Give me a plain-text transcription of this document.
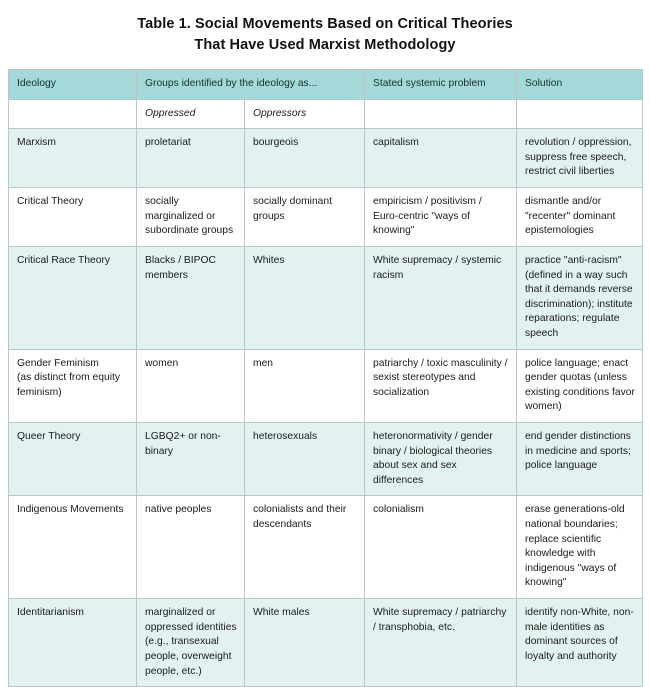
Table 1. Social Movements Based on Critical Theories
That Have Used Marxist Methodology
Ideology	Groups identified by the ideology as...		Stated systemic problem	Solution
	Oppressed	Oppressors		
Marxism	proletariat	bourgeois	capitalism	revolution / oppression, suppress free speech, restrict civil liberties
Critical Theory	socially marginalized or subordinate groups	socially dominant groups	empiricism / positivism / Euro-centric "ways of knowing"	dismantle and/or "recenter" dominant epistemologies
Critical Race Theory	Blacks / BIPOC members	Whites	White supremacy / systemic racism	practice "anti-racism" (defined in a way such that it demands reverse discrimination); institute reparations; regulate speech
Gender Feminism
(as distinct from equity feminism)	women	men	patriarchy / toxic masculinity / sexist stereotypes and socialization	police language; enact gender quotas (unless existing conditions favor women)
Queer Theory	LGBQ2+ or non-binary	heterosexuals	heteronormativity / gender binary / biological theories about sex and sex differences	end gender distinctions in medicine and sports; police language
Indigenous Movements	native peoples	colonialists and their descendants	colonialism	erase generations-old national boundaries; replace scientific knowledge with indigenous "ways of knowing"
Identitarianism	marginalized or oppressed identities (e.g., transexual people, overweight people, etc.)	White males	White supremacy / patriarchy / transphobia, etc.	identify non-White, non-male identities as dominant sources of loyalty and authority
